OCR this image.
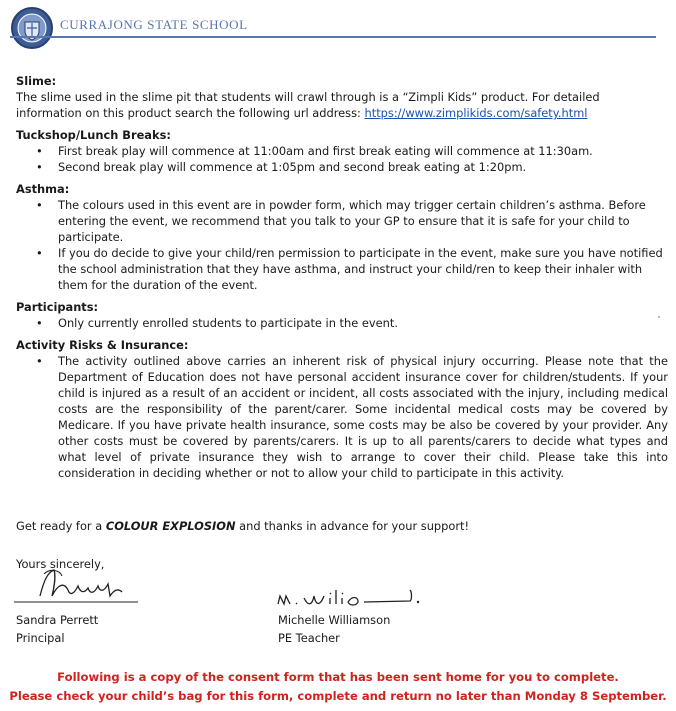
CURRAJONG STATE SCHOOL

Slime:

The slime used in the slime pit that students will crawl through is a “Zimpli Kids” product. For detailed information on this product search the following url address: https://www.zimplikids.com/safety.html

Tuckshop/Lunch Breaks:

• First break play will commence at 11:00am and first break eating will commence at 11:30am.
• Second break play will commence at 1:05pm and second break eating at 1:20pm.

Asthma:

• The colours used in this event are in powder form, which may trigger certain children’s asthma. Before entering the event, we recommend that you talk to your GP to ensure that it is safe for your child to participate.
• If you do decide to give your child/ren permission to participate in the event, make sure you have notified the school administration that they have asthma, and instruct your child/ren to keep their inhaler with them for the duration of the event.

Participants:

• Only currently enrolled students to participate in the event.

Activity Risks & Insurance:

• The activity outlined above carries an inherent risk of physical injury occurring. Please note that the Department of Education does not have personal accident insurance cover for children/students. If your child is injured as a result of an accident or incident, all costs associated with the injury, including medical costs are the responsibility of the parent/carer. Some incidental medical costs may be covered by Medicare. If you have private health insurance, some costs may be also be covered by your provider. Any other costs must be covered by parents/carers. It is up to all parents/carers to decide what types and what level of private insurance they wish to arrange to cover their child. Please take this into consideration in deciding whether or not to allow your child to participate in this activity.
Get ready for a COLOUR EXPLOSION and thanks in advance for your support!
Yours sincerely,
Sandra Perrett
Principal
Michelle Williamson
PE Teacher
Following is a copy of the consent form that has been sent home for you to complete.
Please check your child’s bag for this form, complete and return no later than Monday 8 September.
